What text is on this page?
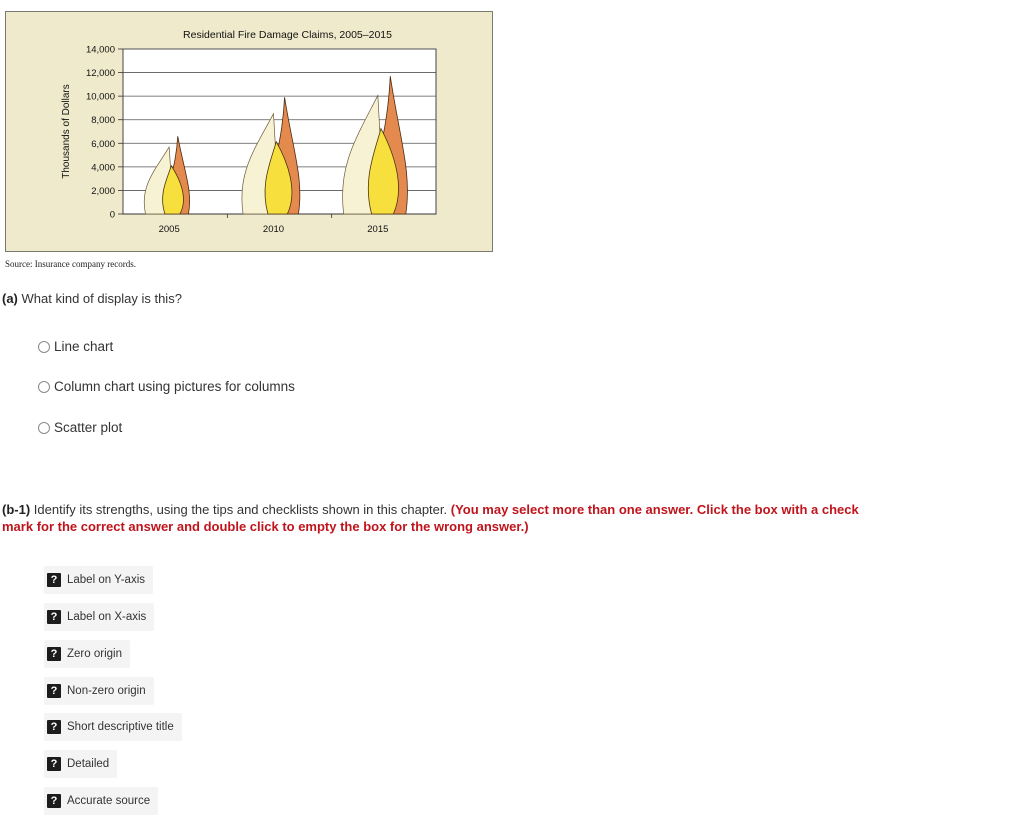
Residential Fire Damage Claims, 2005–2015
Thousands of Dollars
14,000
12,000
10,000
8,000
6,000
4,000
2,000
0
2005	2010	2015
Source: Insurance company records.
(a) What kind of display is this?
Line chart
Column chart using pictures for columns
Scatter plot
(b-1) Identify its strengths, using the tips and checklists shown in this chapter. (You may select more than one answer. Click the box with a check mark for the correct answer and double click to empty the box for the wrong answer.)
? Label on Y-axis
? Label on X-axis
? Zero origin
? Non-zero origin
? Short descriptive title
? Detailed
? Accurate source
